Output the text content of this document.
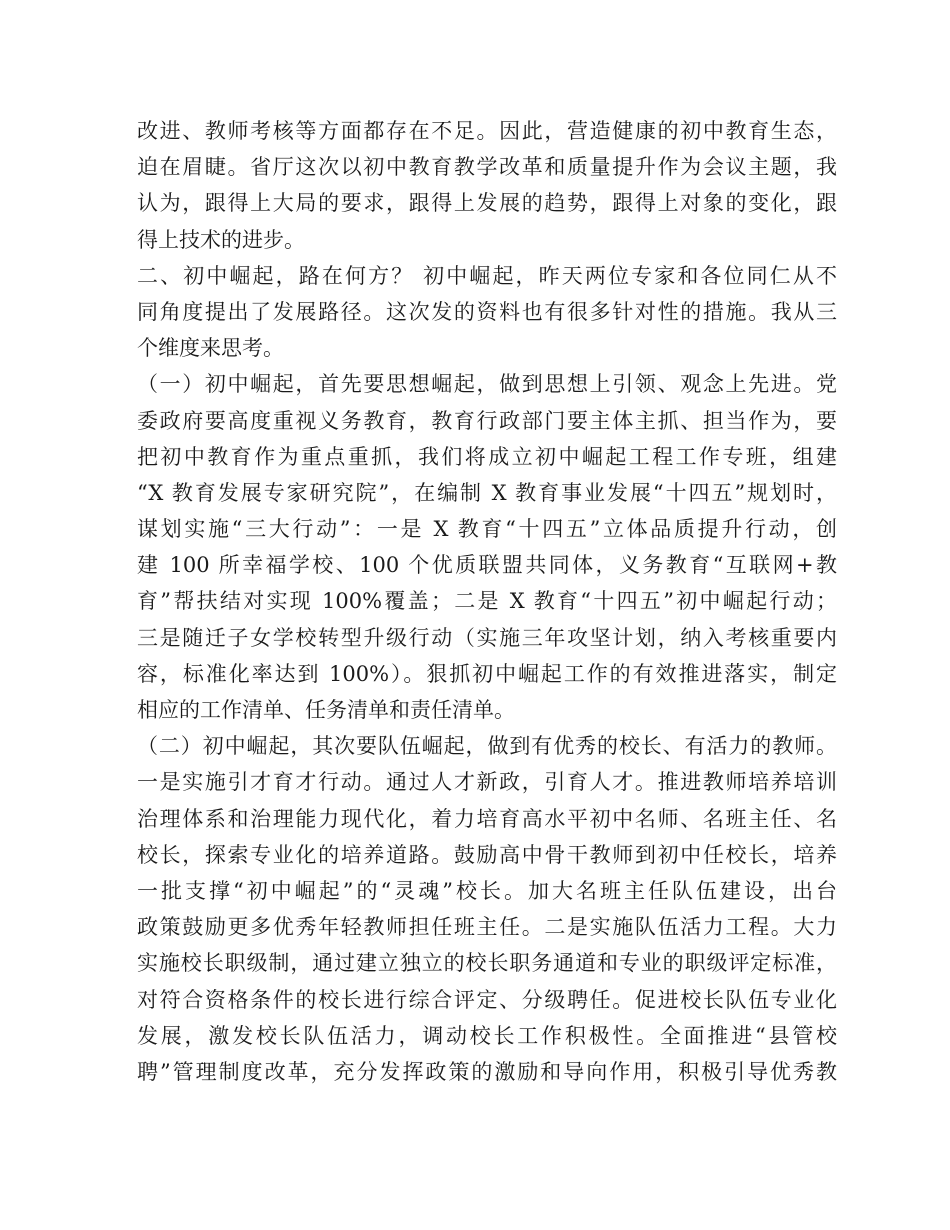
改进、教师考核等方面都存在不足。因此，营造健康的初中教育生态，
迫在眉睫。省厅这次以初中教育教学改革和质量提升作为会议主题，我
认为，跟得上大局的要求，跟得上发展的趋势，跟得上对象的变化，跟
得上技术的进步。
二、初中崛起，路在何方？ 初中崛起，昨天两位专家和各位同仁从不
同角度提出了发展路径。这次发的资料也有很多针对性的措施。我从三
个维度来思考。
（一）初中崛起，首先要思想崛起，做到思想上引领、观念上先进。党
委政府要高度重视义务教育，教育行政部门要主体主抓、担当作为，要
把初中教育作为重点重抓，我们将成立初中崛起工程工作专班，组建
“X 教育发展专家研究院”，在编制 X 教育事业发展“十四五”规划时，
谋划实施“三大行动”：一是 X 教育“十四五”立体品质提升行动，创
建 100 所幸福学校、100 个优质联盟共同体，义务教育“互联网+教
育”帮扶结对实现 100%覆盖；二是 X 教育“十四五”初中崛起行动；
三是随迁子女学校转型升级行动（实施三年攻坚计划，纳入考核重要内
容，标准化率达到 100%）。狠抓初中崛起工作的有效推进落实，制定
相应的工作清单、任务清单和责任清单。
（二）初中崛起，其次要队伍崛起，做到有优秀的校长、有活力的教师。
一是实施引才育才行动。通过人才新政，引育人才。推进教师培养培训
治理体系和治理能力现代化，着力培育高水平初中名师、名班主任、名
校长，探索专业化的培养道路。鼓励高中骨干教师到初中任校长，培养
一批支撑“初中崛起”的“灵魂”校长。加大名班主任队伍建设，出台
政策鼓励更多优秀年轻教师担任班主任。二是实施队伍活力工程。大力
实施校长职级制，通过建立独立的校长职务通道和专业的职级评定标准，
对符合资格条件的校长进行综合评定、分级聘任。促进校长队伍专业化
发展，激发校长队伍活力，调动校长工作积极性。全面推进“县管校
聘”管理制度改革，充分发挥政策的激励和导向作用，积极引导优秀教
